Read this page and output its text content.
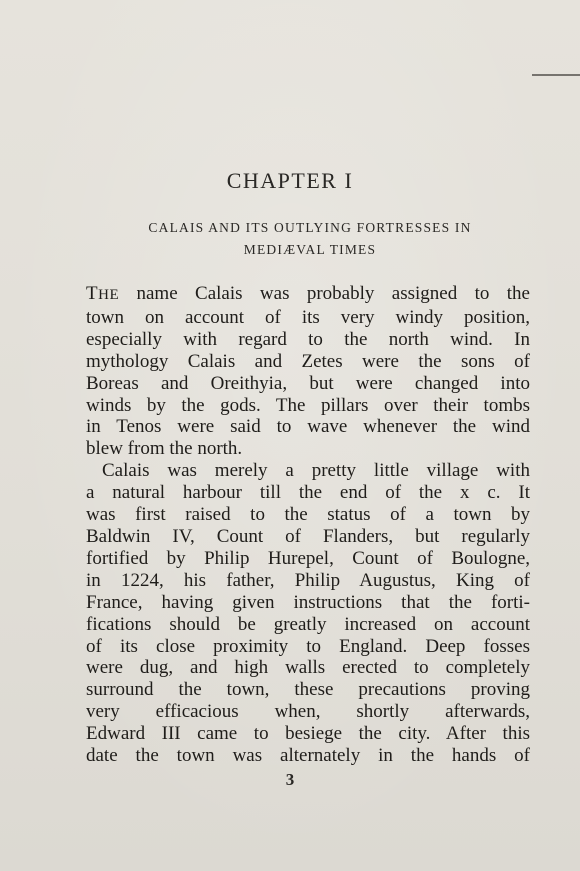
CHAPTER I
CALAIS AND ITS OUTLYING FORTRESSES IN
MEDIÆVAL TIMES
THE name Calais was probably assigned to the
town on account of its very windy position,
especially with regard to the north wind. In
mythology Calais and Zetes were the sons of
Boreas and Oreithyia, but were changed into
winds by the gods. The pillars over their tombs
in Tenos were said to wave whenever the wind
blew from the north.
Calais was merely a pretty little village with
a natural harbour till the end of the x c. It
was first raised to the status of a town by
Baldwin IV, Count of Flanders, but regularly
fortified by Philip Hurepel, Count of Boulogne,
in 1224, his father, Philip Augustus, King of
France, having given instructions that the forti-
fications should be greatly increased on account
of its close proximity to England. Deep fosses
were dug, and high walls erected to completely
surround the town, these precautions proving
very efficacious when, shortly afterwards,
Edward III came to besiege the city. After this
date the town was alternately in the hands of
3
